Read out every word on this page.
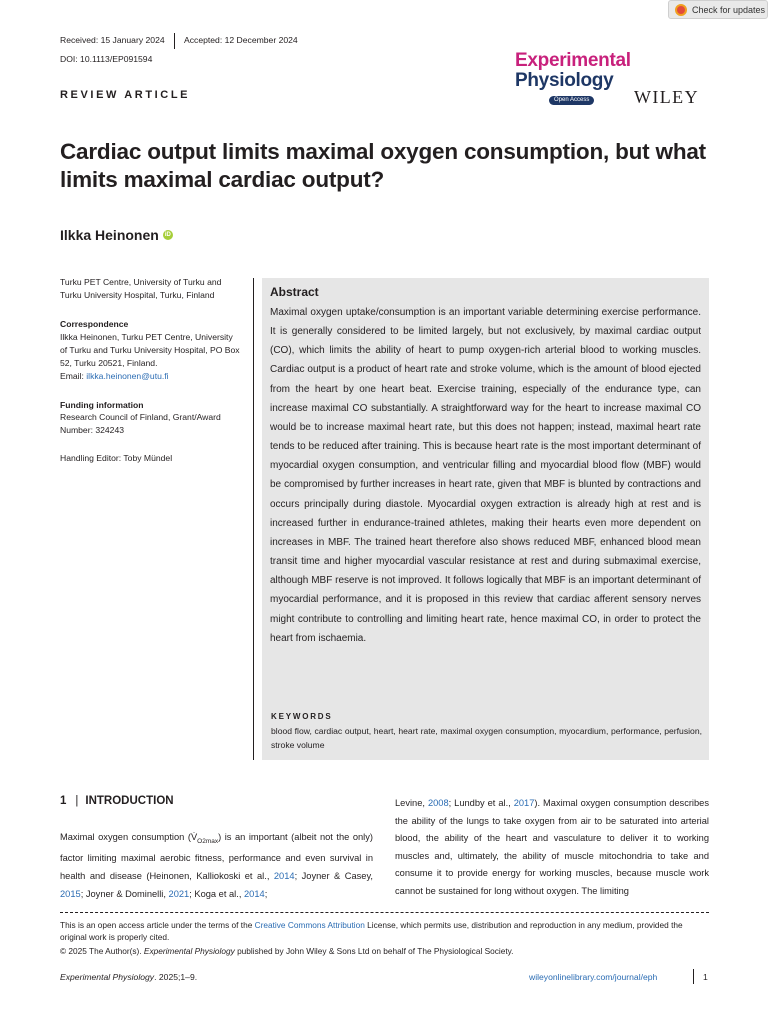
Check for updates
Received: 15 January 2024 Accepted: 12 December 2024
DOI: 10.1113/EP091594
REVIEW ARTICLE
Experimental
Physiology
Open Access WILEY
Cardiac output limits maximal oxygen consumption, but what limits maximal cardiac output?
Ilkka Heinonen	iD
Turku PET Centre, University of Turku and Turku University Hospital, Turku, Finland
Correspondence
Ilkka Heinonen, Turku PET Centre, University of Turku and Turku University Hospital, PO Box 52, Turku 20521, Finland.
Email: ilkka.heinonen@utu.fi
Funding information
Research Council of Finland, Grant/Award Number: 324243
Handling Editor: Toby Mündel
Abstract
Maximal oxygen uptake/consumption is an important variable determining exercise performance. It is generally considered to be limited largely, but not exclusively, by maximal cardiac output (CO), which limits the ability of heart to pump oxygen-rich arterial blood to working muscles. Cardiac output is a product of heart rate and stroke volume, which is the amount of blood ejected from the heart by one heart beat. Exercise training, especially of the endurance type, can increase maximal CO substantially. A straightforward way for the heart to increase maximal CO would be to increase maximal heart rate, but this does not happen; instead, maximal heart rate tends to be reduced after training. This is because heart rate is the most important determinant of myocardial oxygen consumption, and ventricular filling and myocardial blood flow (MBF) would be compromised by further increases in heart rate, given that MBF is blunted by contractions and occurs principally during diastole. Myocardial oxygen extraction is already high at rest and is increased further in endurance-trained athletes, making their hearts even more dependent on increases in MBF. The trained heart therefore also shows reduced MBF, enhanced blood mean transit time and higher myocardial vascular resistance at rest and during submaximal exercise, although MBF reserve is not improved. It follows logically that MBF is an important determinant of myocardial performance, and it is proposed in this review that cardiac afferent sensory nerves might contribute to controlling and limiting heart rate, hence maximal CO, in order to protect the heart from ischaemia.
KEYWORDS
blood flow, cardiac output, heart, heart rate, maximal oxygen consumption, myocardium, performance, perfusion, stroke volume
1 | INTRODUCTION
Maximal oxygen consumption $(V̇_{O2max})$ is an important (albeit not the only) factor limiting maximal aerobic fitness, performance and even survival in health and disease (Heinonen, Kalliokoski et al., 2014; Joyner & Casey, 2015; Joyner & Dominelli, 2021; Koga et al., 2014;
Levine, 2008; Lundby et al., 2017). Maximal oxygen consumption describes the ability of the lungs to take oxygen from air to be saturated into arterial blood, the ability of the heart and vasculature to deliver it to working muscles and, ultimately, the ability of muscle mitochondria to take and consume it to provide energy for working muscles, because muscle work cannot be sustained for long without oxygen. The limiting
This is an open access article under the terms of the Creative Commons Attribution License, which permits use, distribution and reproduction in any medium, provided the original work is properly cited.
© 2025 The Author(s). Experimental Physiology published by John Wiley & Sons Ltd on behalf of The Physiological Society.
Experimental Physiology. 2025;1–9.	wileyonlinelibrary.com/journal/eph	1
